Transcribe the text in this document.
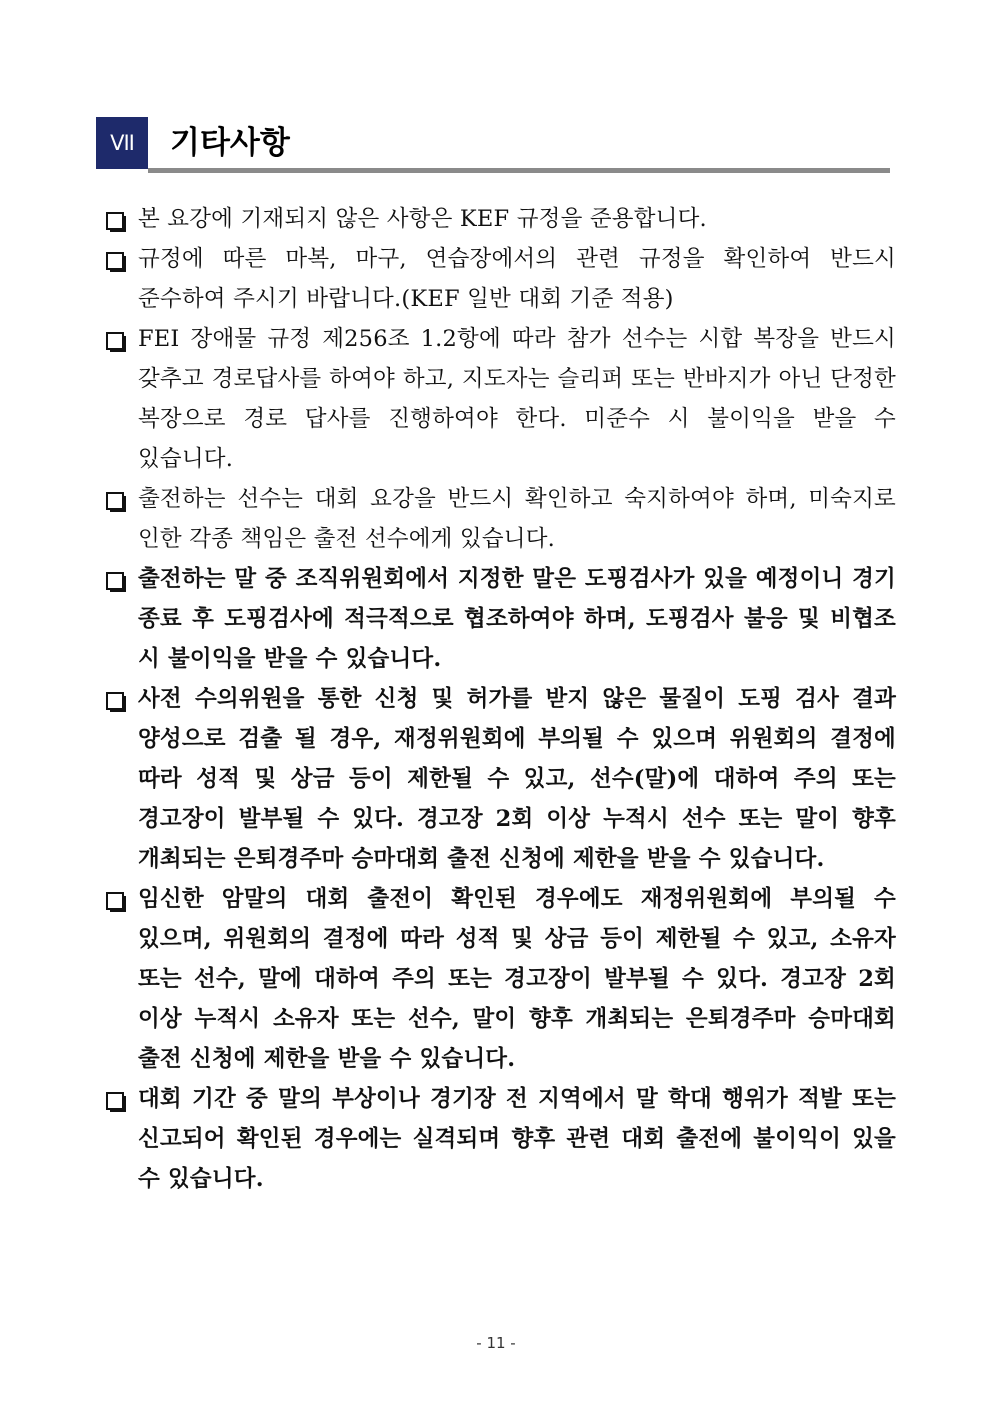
VII	기타사항
본 요강에 기재되지 않은 사항은 KEF 규정을 준용합니다.
규정에 따른 마복, 마구, 연습장에서의 관련 규정을 확인하여 반드시 준수하여 주시기 바랍니다.(KEF 일반 대회 기준 적용)
FEI 장애물 규정 제256조 1.2항에 따라 참가 선수는 시합 복장을 반드시 갖추고 경로답사를 하여야 하고, 지도자는 슬리퍼 또는 반바지가 아닌 단정한 복장으로 경로 답사를 진행하여야 한다. 미준수 시 불이익을 받을 수 있습니다.
출전하는 선수는 대회 요강을 반드시 확인하고 숙지하여야 하며, 미숙지로 인한 각종 책임은 출전 선수에게 있습니다.
출전하는 말 중 조직위원회에서 지정한 말은 도핑검사가 있을 예정이니 경기 종료 후 도핑검사에 적극적으로 협조하여야 하며, 도핑검사 불응 및 비협조 시 불이익을 받을 수 있습니다.
사전 수의위원을 통한 신청 및 허가를 받지 않은 물질이 도핑 검사 결과 양성으로 검출 될 경우, 재정위원회에 부의될 수 있으며 위원회의 결정에 따라 성적 및 상금 등이 제한될 수 있고, 선수(말)에 대하여 주의 또는 경고장이 발부될 수 있다. 경고장 2회 이상 누적시 선수 또는 말이 향후 개최되는 은퇴경주마 승마대회 출전 신청에 제한을 받을 수 있습니다.
임신한 암말의 대회 출전이 확인된 경우에도 재정위원회에 부의될 수 있으며, 위원회의 결정에 따라 성적 및 상금 등이 제한될 수 있고, 소유자 또는 선수, 말에 대하여 주의 또는 경고장이 발부될 수 있다. 경고장 2회 이상 누적시 소유자 또는 선수, 말이 향후 개최되는 은퇴경주마 승마대회 출전 신청에 제한을 받을 수 있습니다.
대회 기간 중 말의 부상이나 경기장 전 지역에서 말 학대 행위가 적발 또는 신고되어 확인된 경우에는 실격되며 향후 관련 대회 출전에 불이익이 있을 수 있습니다.
- 11 -
